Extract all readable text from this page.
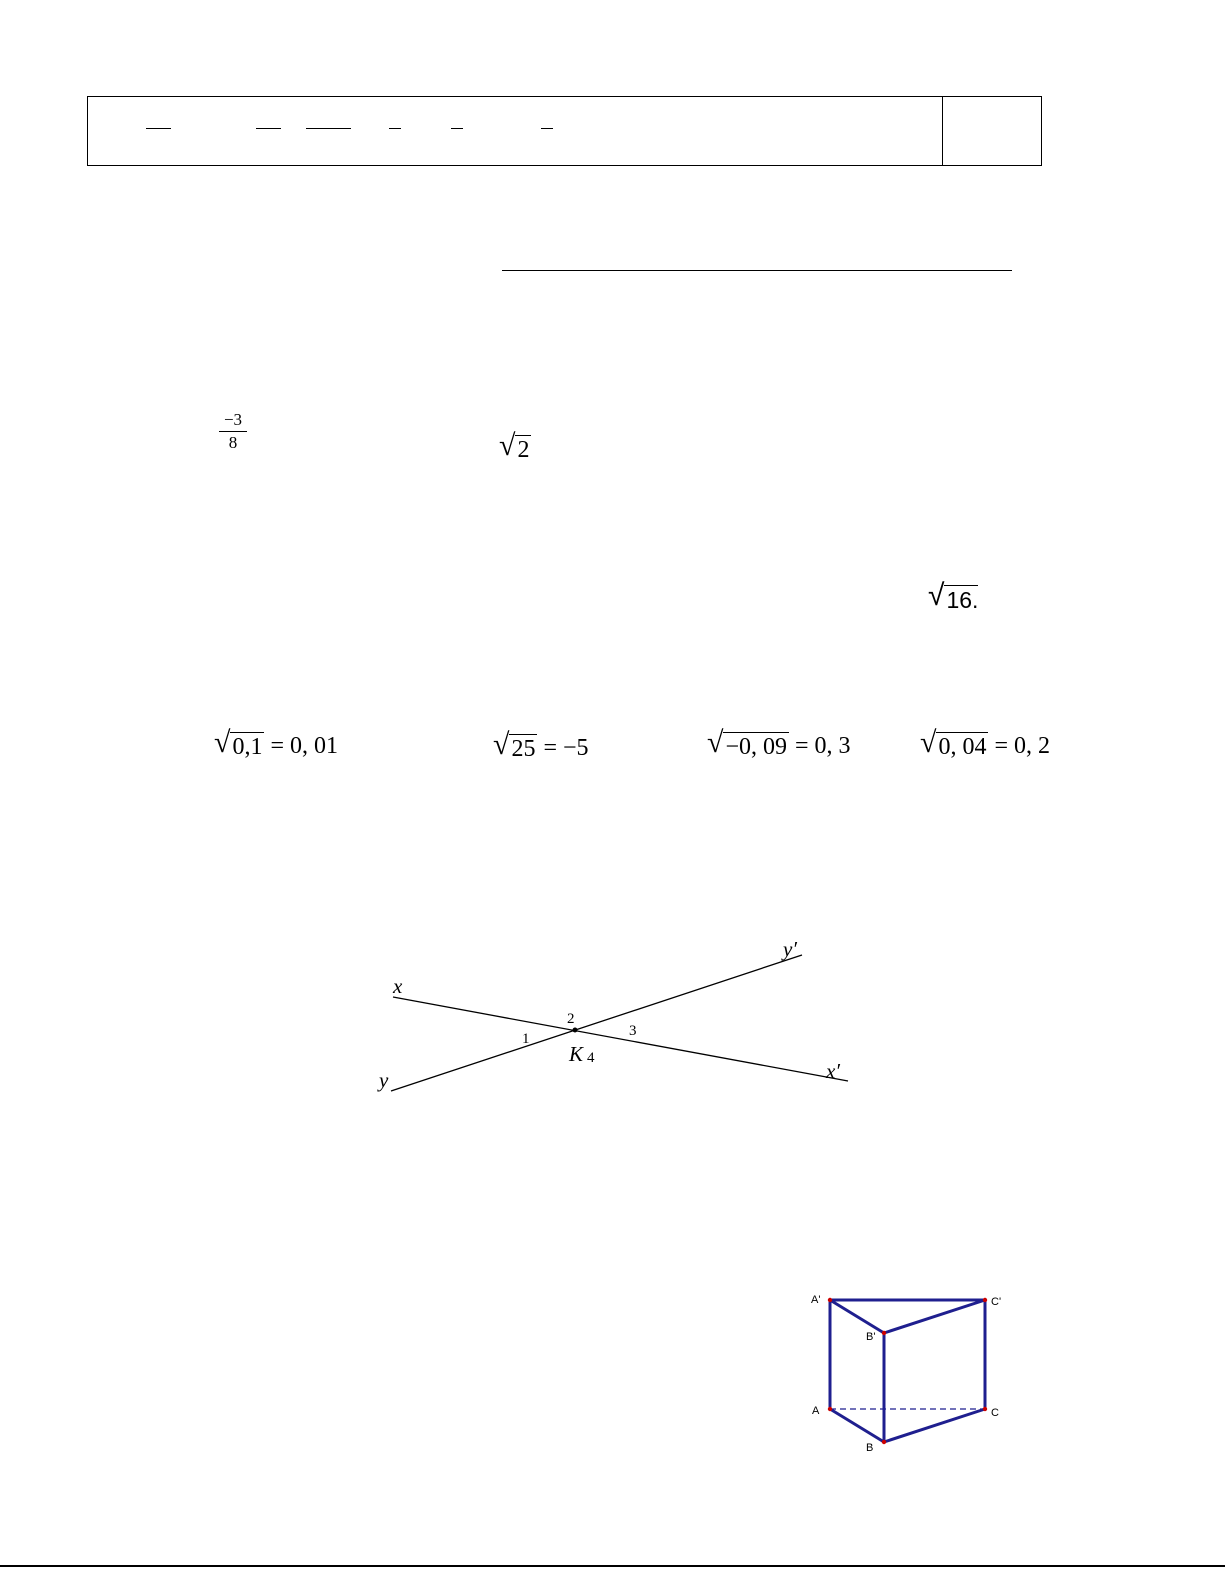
−3
8	√ 2
√ 16.
√ 0,1 = 0, 01	√ 25 = −5	√ −0, 09 = 0, 3 √ 0, 04 = 0, 2
x
y′
y	x′
K
1
2
3
4
A'
B'
C'
A
B
C
